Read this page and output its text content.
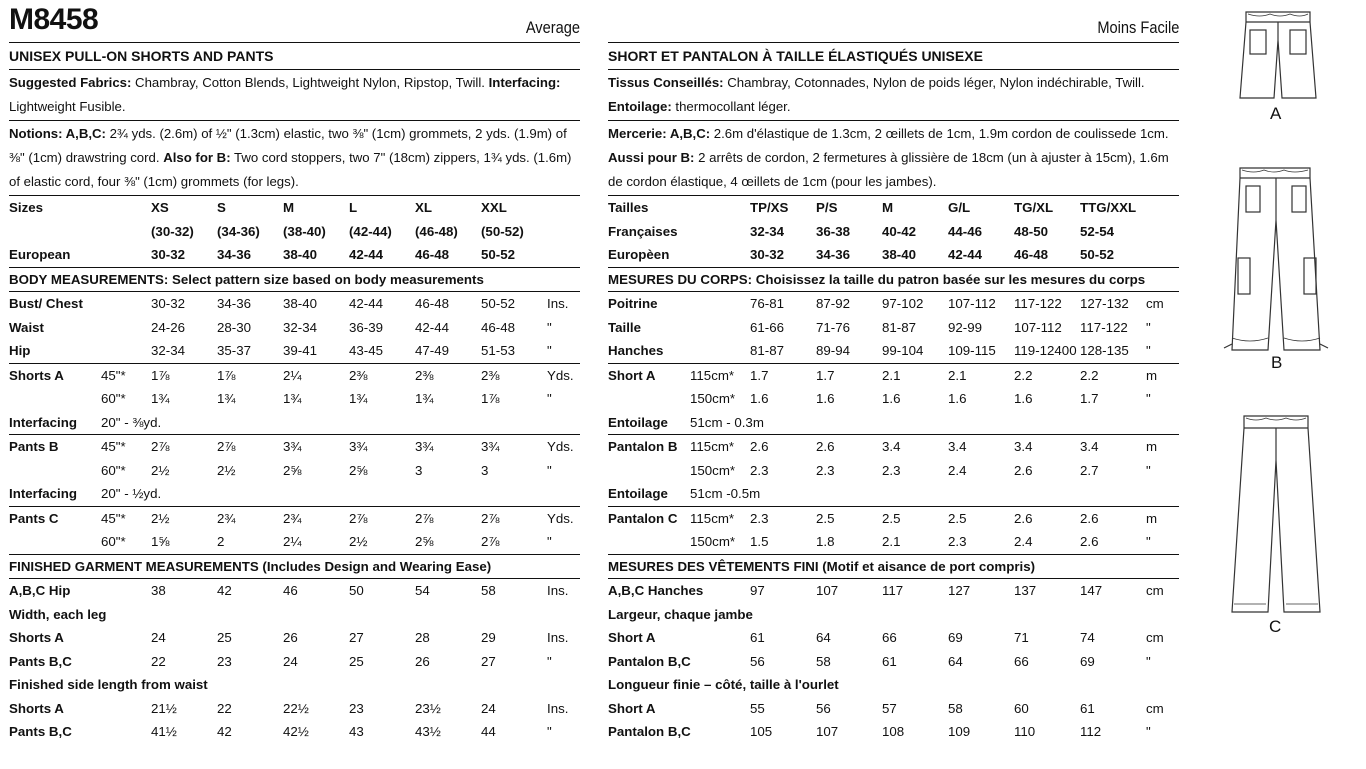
M8458	Average
UNISEX PULL-ON SHORTS AND PANTS
Suggested Fabrics: Chambray, Cotton Blends, Lightweight Nylon, Ripstop, Twill. Interfacing: Lightweight Fusible.
Notions: A,B,C: 2¾ yds. (2.6m) of ½" (1.3cm) elastic, two ⅜" (1cm) grommets, 2 yds. (1.9m) of ⅜" (1cm) drawstring cord. Also for B: Two cord stoppers, two 7" (18cm) zippers, 1¾ yds. (1.6m) of elastic cord, four ⅜" (1cm) grommets (for legs).
Sizes		XS	S	M	L	XL	XXL	
		(30-32)	(34-36)	(38-40)	(42-44)	(46-48)	(50-52)	
European		30-32	34-36	38-40	42-44	46-48	50-52	
BODY MEASUREMENTS: Select pattern size based on body measurements								
Bust/ Chest		30-32	34-36	38-40	42-44	46-48	50-52	Ins.
Waist		24-26	28-30	32-34	36-39	42-44	46-48	"
Hip		32-34	35-37	39-41	43-45	47-49	51-53	"
Shorts A	45"*	1⅞	1⅞	2¼	2⅜	2⅜	2⅜	Yds.
	60"*	1¾	1¾	1¾	1¾	1¾	1⅞	"
Interfacing	20" - ⅜yd.							
Pants B	45"*	2⅞	2⅞	3¾	3¾	3¾	3¾	Yds.
	60"*	2½	2½	2⅝	2⅝	3	3	"
Interfacing	20" - ½yd.							
Pants C	45"*	2½	2¾	2¾	2⅞	2⅞	2⅞	Yds.
	60"*	1⅝	2	2¼	2½	2⅝	2⅞	"
FINISHED GARMENT MEASUREMENTS (Includes Design and Wearing Ease)								
A,B,C Hip		38	42	46	50	54	58	Ins.
Width, each leg								
Shorts A		24	25	26	27	28	29	Ins.
Pants B,C		22	23	24	25	26	27	"
Finished side length from waist								
Shorts A		21½	22	22½	23	23½	24	Ins.
Pants B,C		41½	42	42½	43	43½	44	"
Moins Facile
SHORT ET PANTALON À TAILLE ÉLASTIQUÉS UNISEXE
Tissus Conseillés: Chambray, Cotonnades, Nylon de poids léger, Nylon indéchirable, Twill.
Entoilage: thermocollant léger.
Mercerie: A,B,C: 2.6m d'élastique de 1.3cm, 2 œillets de 1cm, 1.9m cordon de coulissede 1cm.
Aussi pour B: 2 arrêts de cordon, 2 fermetures à glissière de 18cm (un à ajuster à 15cm), 1.6m de cordon élastique, 4 œillets de 1cm (pour les jambes).
Tailles		TP/XS	P/S	M	G/L	TG/XL	TTG/XXL	
Françaises		32-34	36-38	40-42	44-46	48-50	52-54	
Europèen		30-32	34-36	38-40	42-44	46-48	50-52	
MESURES DU CORPS: Choisissez la taille du patron basée sur les mesures du corps								
Poitrine		76-81	87-92	97-102	107-112	117-122	127-132	cm
Taille		61-66	71-76	81-87	92-99	107-112	117-122	"
Hanches		81-87	89-94	99-104	109-115	119-12400	128-135	"
Short A	115cm*	1.7	1.7	2.1	2.1	2.2	2.2	m
	150cm*	1.6	1.6	1.6	1.6	1.6	1.7	"
Entoilage	51cm - 0.3m							
Pantalon B	115cm*	2.6	2.6	3.4	3.4	3.4	3.4	m
	150cm*	2.3	2.3	2.3	2.4	2.6	2.7	"
Entoilage	51cm -0.5m							
Pantalon C	115cm*	2.3	2.5	2.5	2.5	2.6	2.6	m
	150cm*	1.5	1.8	2.1	2.3	2.4	2.6	"
MESURES DES VÊTEMENTS FINI (Motif et aisance de port compris)								
A,B,C Hanches		97	107	117	127	137	147	cm
Largeur, chaque jambe								
Short A		61	64	66	69	71	74	cm
Pantalon B,C		56	58	61	64	66	69	"
Longueur finie – côté, taille à l'ourlet								
Short A		55	56	57	58	60	61	cm
Pantalon B,C		105	107	108	109	110	112	"
A
B
C
